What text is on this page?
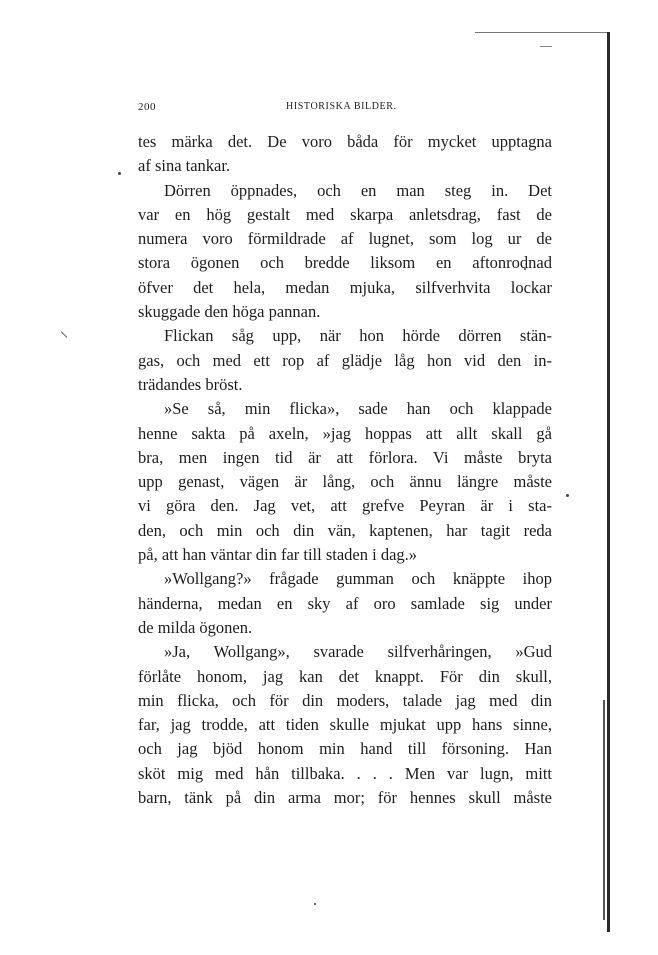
200	HISTORISKA BILDER.
tes märka det. De voro båda för mycket upptagna
af sina tankar.
Dörren öppnades, och en man steg in. Det
var en hög gestalt med skarpa anletsdrag, fast de
numera voro förmildrade af lugnet, som log ur de
stora ögonen och bredde liksom en aftonrodnad
öfver det hela, medan mjuka, silfverhvita lockar
skuggade den höga pannan.
Flickan såg upp, när hon hörde dörren stän-
gas, och med ett rop af glädje låg hon vid den in-
trädandes bröst.
»Se så, min flicka», sade han och klappade
henne sakta på axeln, »jag hoppas att allt skall gå
bra, men ingen tid är att förlora. Vi måste bryta
upp genast, vägen är lång, och ännu längre måste
vi göra den. Jag vet, att grefve Peyran är i sta-
den, och min och din vän, kaptenen, har tagit reda
på, att han väntar din far till staden i dag.»
»Wollgang?» frågade gumman och knäppte ihop
händerna, medan en sky af oro samlade sig under
de milda ögonen.
»Ja, Wollgang», svarade silfverhåringen, »Gud
förlåte honom, jag kan det knappt. För din skull,
min flicka, och för din moders, talade jag med din
far, jag trodde, att tiden skulle mjukat upp hans sinne,
och jag bjöd honom min hand till försoning. Han
sköt mig med hån tillbaka. . . . Men var lugn, mitt
barn, tänk på din arma mor; för hennes skull måste
